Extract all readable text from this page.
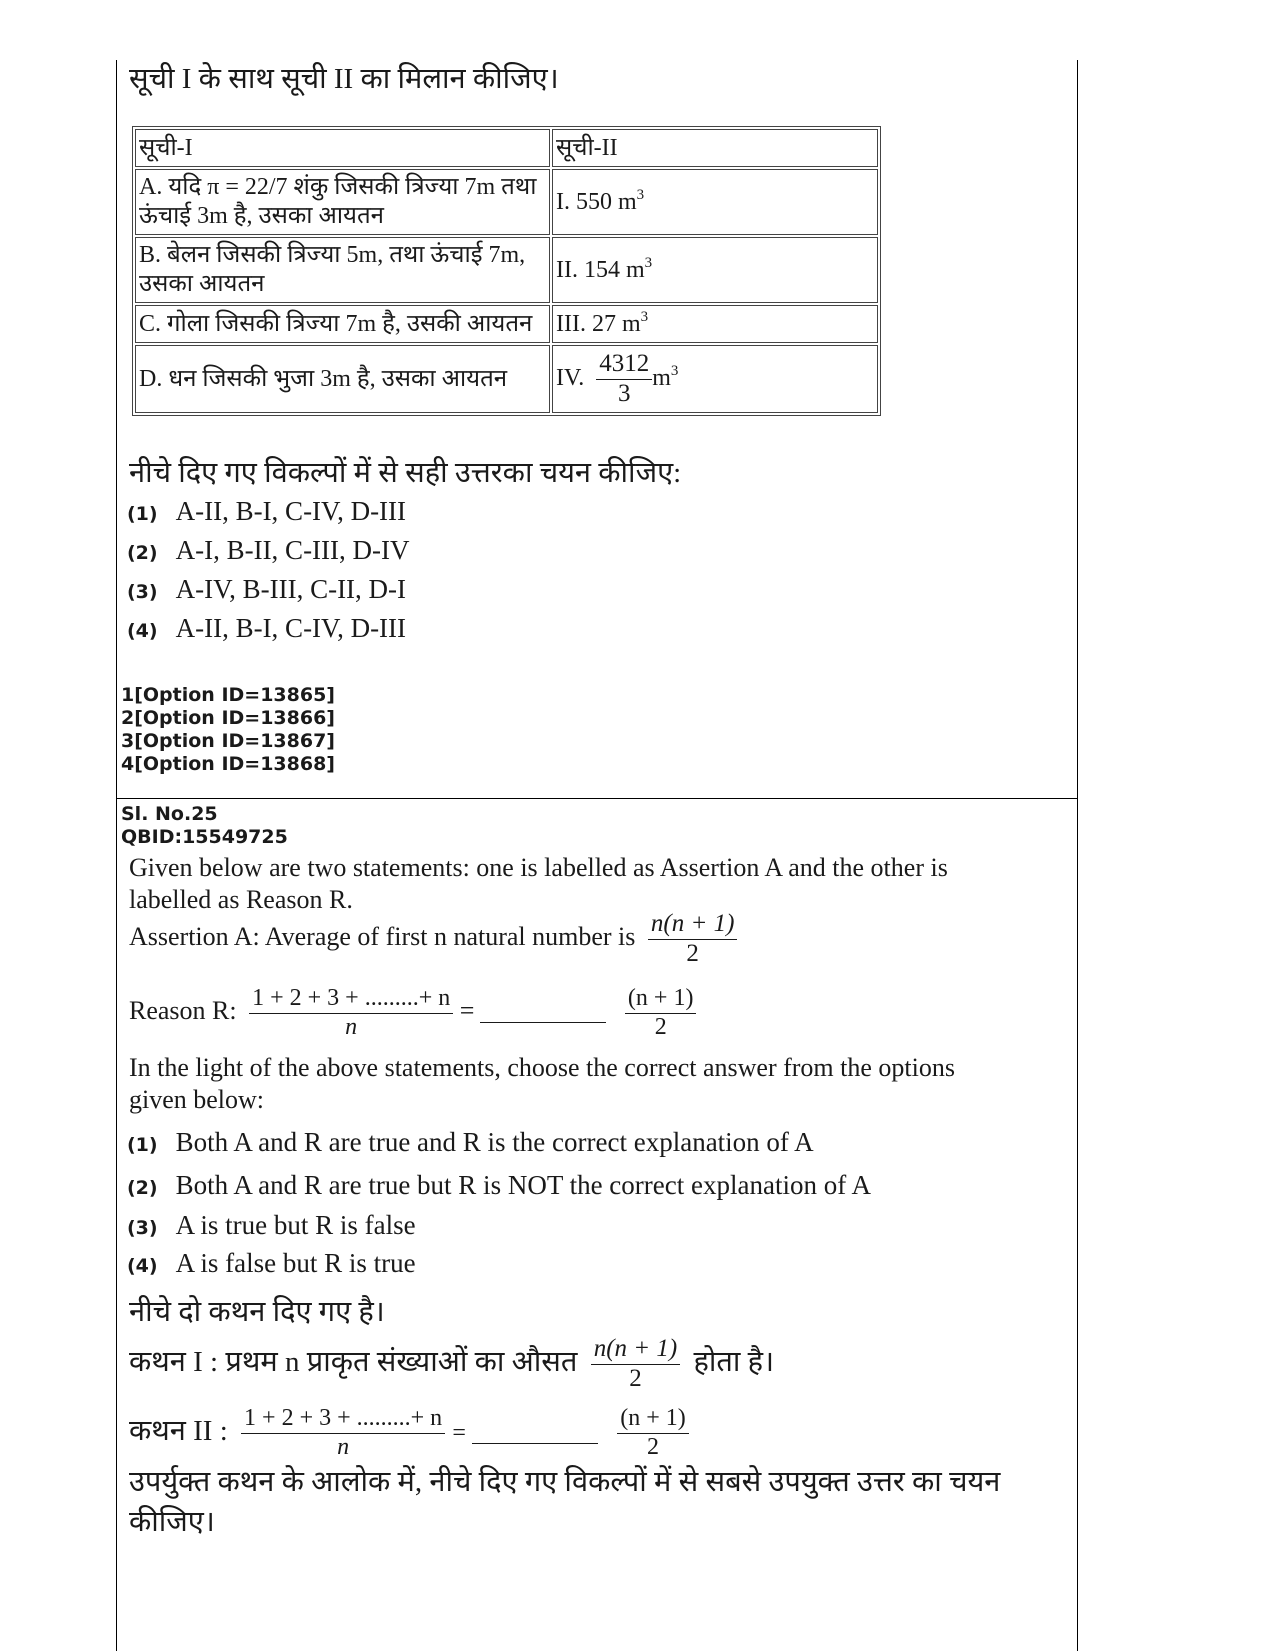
सूची I के साथ सूची II का मिलान कीजिए।
सूची-I	सूची-II

A. यदि π = 22/7 शंकु जिसकी त्रिज्या 7m तथा
ऊंचाई 3m है, उसका आयतन	I. 550 $m^3$

B. बेलन जिसकी त्रिज्या 5m, तथा ऊंचाई 7m,
उसका आयतन	II. 154 $m^3$

C. गोला जिसकी त्रिज्या 7m है, उसकी आयतन	III. 27 $m^3$

D. धन जिसकी भुजा 3m है, उसका आयतन	IV. $\frac{4312}{3} m^3$
नीचे दिए गए विकल्पों में से सही उत्तरका चयन कीजिए:
(1) A-II, B-I, C-IV, D-III
(2) A-I, B-II, C-III, D-IV
(3) A-IV, B-III, C-II, D-I
(4) A-II, B-I, C-IV, D-III
1[Option ID=13865]
2[Option ID=13866]
3[Option ID=13867]
4[Option ID=13868]
Sl. No.25
QBID:15549725
Given below are two statements: one is labelled as Assertion A and the other is
labelled as Reason R.
Assertion A: Average of first n natural number is $\frac{n(n + 1)}{2}$
Reason R: $\frac{1 + 2 + 3 + .........+ n}{n}$ =	$\frac{(n + 1)}{2}$
In the light of the above statements, choose the correct answer from the options
given below:
(1) Both A and R are true and R is the correct explanation of A
(2) Both A and R are true but R is NOT the correct explanation of A
(3) A is true but R is false
(4) A is false but R is true
नीचे दो कथन दिए गए है।
कथन I : प्रथम n प्राकृत संख्याओं का औसत $\frac{n(n + 1)}{2}$ होता है।
कथन II : $\frac{1 + 2 + 3 + .........+ n}{n}$ =	$\frac{(n + 1)}{2}$
उपर्युक्त कथन के आलोक में, नीचे दिए गए विकल्पों में से सबसे उपयुक्त उत्तर का चयन
कीजिए।
